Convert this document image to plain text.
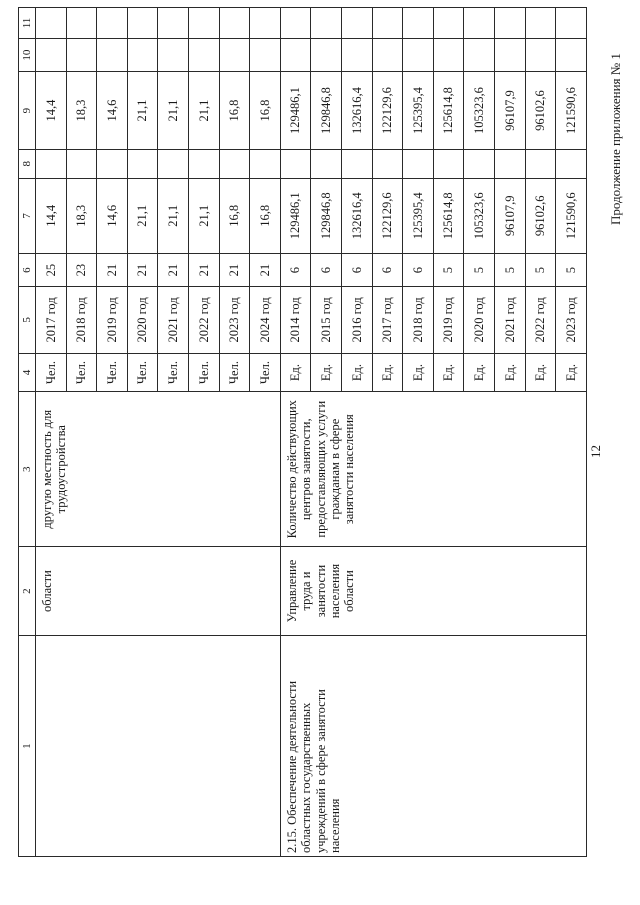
12
Продолжение приложения № 1
1	2	3	4	5	6	7	8	9	10	11
	области	другую местность для трудоустройства	Чел.	2017 год	25	14,4		14,4		
			Чел.	2018 год	23	18,3		18,3		
			Чел.	2019 год	21	14,6		14,6		
			Чел.	2020 год	21	21,1		21,1		
			Чел.	2021 год	21	21,1		21,1		
			Чел.	2022 год	21	21,1		21,1		
			Чел.	2023 год	21	16,8		16,8		
			Чел.	2024 год	21	16,8		16,8		
2.15. Обеспечение деятельности областных государственных учреждений в сфере занятости населения	Управление труда и занятости населения области	Количество действующих центров занятости, предоставляющих услуги гражданам в сфере занятости населения	Ед.	2014 год	6	129486,1		129486,1		
			Ед.	2015 год	6	129846,8		129846,8		
			Ед.	2016 год	6	132616,4		132616,4		
			Ед.	2017 год	6	122129,6		122129,6		
			Ед.	2018 год	6	125395,4		125395,4		
			Ед.	2019 год	5	125614,8		125614,8		
			Ед.	2020 год	5	105323,6		105323,6		
			Ед.	2021 год	5	96107,9		96107,9		
			Ед.	2022 год	5	96102,6		96102,6		
			Ед.	2023 год	5	121590,6		121590,6		
